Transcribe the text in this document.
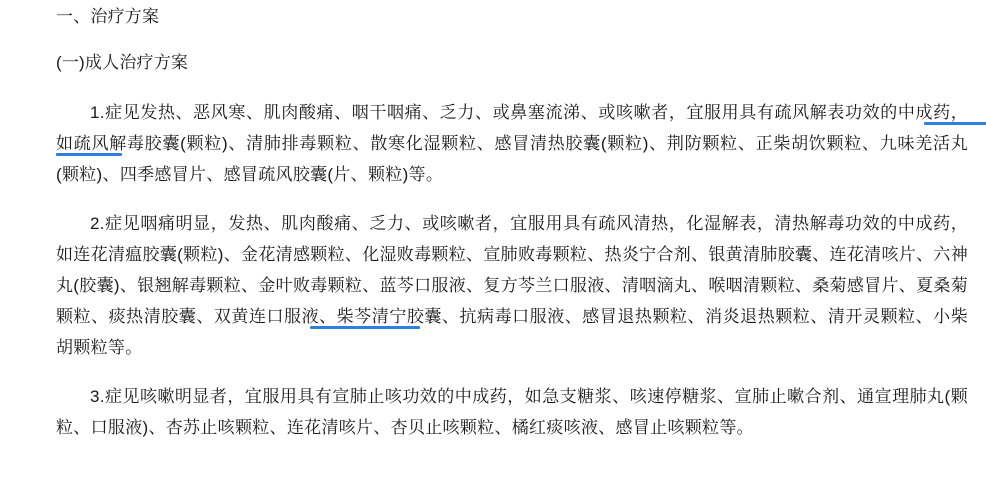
一、治疗方案

(一)成人治疗方案

1.症见发热、恶风寒、肌肉酸痛、咽干咽痛、乏力、或鼻塞流涕、或咳嗽者，宜服用具有疏风解表功效的中成药，如疏风解毒胶囊(颗粒)、清肺排毒颗粒、散寒化湿颗粒、感冒清热胶囊(颗粒)、荆防颗粒、正柴胡饮颗粒、九味羌活丸(颗粒)、四季感冒片、感冒疏风胶囊(片、颗粒)等。

2.症见咽痛明显，发热、肌肉酸痛、乏力、或咳嗽者，宜服用具有疏风清热，化湿解表，清热解毒功效的中成药，如连花清瘟胶囊(颗粒)、金花清感颗粒、化湿败毒颗粒、宣肺败毒颗粒、热炎宁合剂、银黄清肺胶囊、连花清咳片、六神丸(胶囊)、银翘解毒颗粒、金叶败毒颗粒、蓝芩口服液、复方芩兰口服液、清咽滴丸、喉咽清颗粒、桑菊感冒片、夏桑菊颗粒、痰热清胶囊、双黄连口服液、柴芩清宁胶囊、抗病毒口服液、感冒退热颗粒、消炎退热颗粒、清开灵颗粒、小柴胡颗粒等。

3.症见咳嗽明显者，宜服用具有宣肺止咳功效的中成药，如急支糖浆、咳速停糖浆、宣肺止嗽合剂、通宣理肺丸(颗粒、口服液)、杏苏止咳颗粒、连花清咳片、杏贝止咳颗粒、橘红痰咳液、感冒止咳颗粒等。
